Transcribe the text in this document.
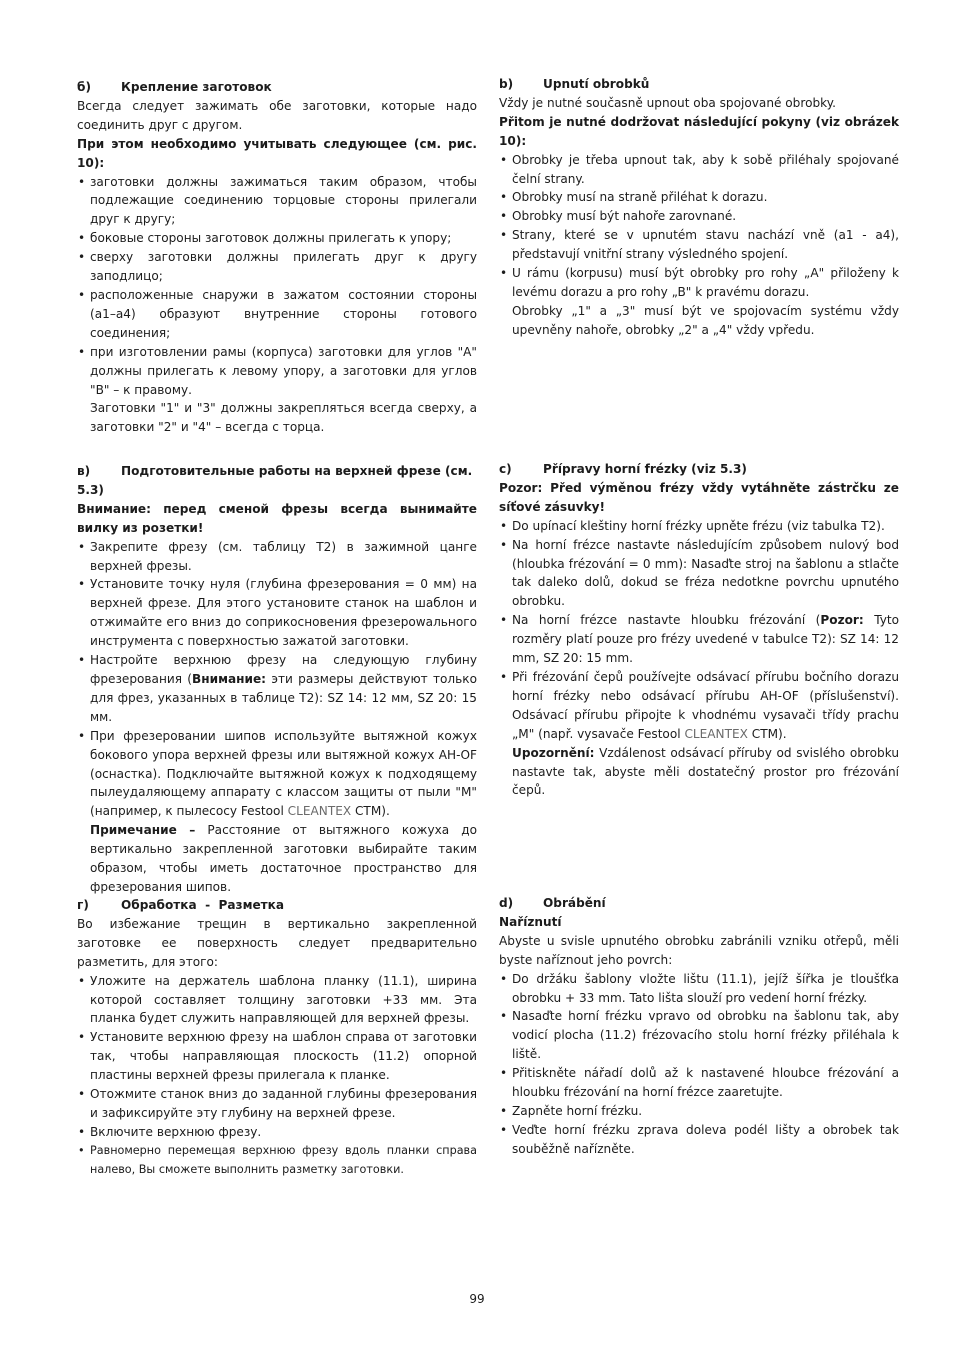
б) Крепление заготовок

Всегда следует зажимать обе заготовки, которые надо соединить друг с другом.

При этом необходимо учитывать следующее (см. рис. 10):

• заготовки должны зажиматься таким образом, чтобы подлежащие соединению торцовые стороны прилегали друг к другу;
• боковые стороны заготовок должны прилегать к упору;
• сверху заготовки должны прилегать друг к другу заподлицо;
• расположенные снаружи в зажатом состоянии стороны (a1–a4) образуют внутренние стороны готового соединения;
• при изготовлении рамы (корпуса) заготовки для углов "А" должны прилегать к левому упору, а заготовки для углов "В" – к правому.

Заготовки "1" и "3" должны закрепляться всегда сверху, а заготовки "2" и "4" – всегда с торца.

в)	Подготовительные работы на верхней фрезе (см. 5.3)

Внимание: перед сменой фрезы всегда вынимайте вилку из розетки!

• Закрепите фрезу (см. таблицу Т2) в зажимной цанге верхней фрезы.
• Установите точку нуля (глубина фрезерования = 0 мм) на верхней фрезе. Для этого установите станок на шаблон и отжимайте его вниз до соприкосновения фрезерowального инструмента с поверхностью зажатой заготовки.
• Настройте верхнюю фрезу на следующую глубину фрезерования (Внимание: эти размеры действуют только для фрез, указанных в таблице Т2): SZ 14: 12 мм, SZ 20: 15 мм.
• При фрезеровании шипов используйте вытяжной кожух бокового упора верхней фрезы или вытяжной кожух АН-OF (оснастка). Подключайте вытяжной кожух к подходящему пылеудаляющему аппарату с классом защиты от пыли "М" (например, к пылесосу Festool CLEANTEX CTM).

Примечание – Расстояние от вытяжного кожуха до вертикально закрепленной заготовки выбирайте таким образом, чтобы иметь достаточное пространство для фрезерования шипов.

г)	Обработка  -  Разметка

Во избежание трещин в вертикально закрепленной заготовке ее поверхность следует предварительно разметить, для этого:

• Уложите на держатель шаблона планку (11.1), ширина которой составляет толщину заготовки +33 мм. Эта планка будет служить направляющей для верхней фрезы.
• Установите верхнюю фрезу на шаблон справа от заготовки так, чтобы направляющая плоскость (11.2) опорной пластины верхней фрезы прилегала к планке.
• Отожмите станок вниз до заданной глубины фрезерования и зафиксируйте эту глубину на верхней фрезе.
• Включите верхнюю фрезу.
• Равномерно перемещая верхнюю фрезу вдоль планки справа налево, Вы сможете выполнить разметку заготовки.

b) Upnutí obrobků

Vždy je nutné současně upnout oba spojované obrobky.

Přitom je nutné dodržovat následující pokyny (viz obrázek 10):

• Obrobky je třeba upnout tak, aby k sobě přiléhaly spojované čelní strany.
• Obrobky musí na straně přiléhat k dorazu.
• Obrobky musí být nahoře zarovnané.
• Strany, které se v upnutém stavu nachází vně (a1 - a4), představují vnitřní strany výsledného spojení.
• U rámu (korpusu) musí být obrobky pro rohy „A" přiloženy k levému dorazu a pro rohy „B" k pravému dorazu.

Obrobky „1" a „3" musí být ve spojovacím systému vždy upevněny nahoře, obrobky „2" a „4" vždy vpředu.

c)	Přípravy horní frézky (viz 5.3)

Pozor: Před výměnou frézy vždy vytáhněte zástrčku ze síťové zásuvky!

• Do upínací kleštiny horní frézky upněte frézu (viz tabulka T2).
• Na horní frézce nastavte následujícím způsobem nulový bod (hloubka frézování = 0 mm): Nasaďte stroj na šablonu a stlačte tak daleko dolů, dokud se fréza nedotkne povrchu upnutého obrobku.
• Na horní frézce nastavte hloubku frézování (Pozor: Tyto rozměry platí pouze pro frézy uvedené v tabulce T2): SZ 14: 12 mm, SZ 20: 15 mm.
• Při frézování čepů používejte odsávací přírubu bočního dorazu horní frézky nebo odsávací přírubu AH-OF (příslušenství). Odsávací přírubu připojte k vhodnému vysavači třídy prachu „M" (např. vysavače Festool CLEANTEX CTM).

Upozornění: Vzdálenost odsávací příruby od svislého obrobku nastavte tak, abyste měli dostatečný prostor pro frézování čepů.

d) Obrábění

Naříznutí

Abyste u svisle upnutého obrobku zabránili vzniku otřepů, měli byste naříznout jeho povrch:

• Do držáku šablony vložte lištu (11.1), jejíž šířka je tloušťka obrobku + 33 mm. Tato lišta slouží pro vedení horní frézky.
• Nasaďte horní frézku vpravo od obrobku na šablonu tak, aby vodicí plocha (11.2) frézovacího stolu horní frézky přiléhala k liště.
• Přitiskněte nářadí dolů až k nastavené hloubce frézování a hloubku frézování na horní frézce zaaretujte.
• Zapněte horní frézku.
• Veďte horní frézku zprava doleva podél lišty a obrobek tak souběžně nařízněte.
99
